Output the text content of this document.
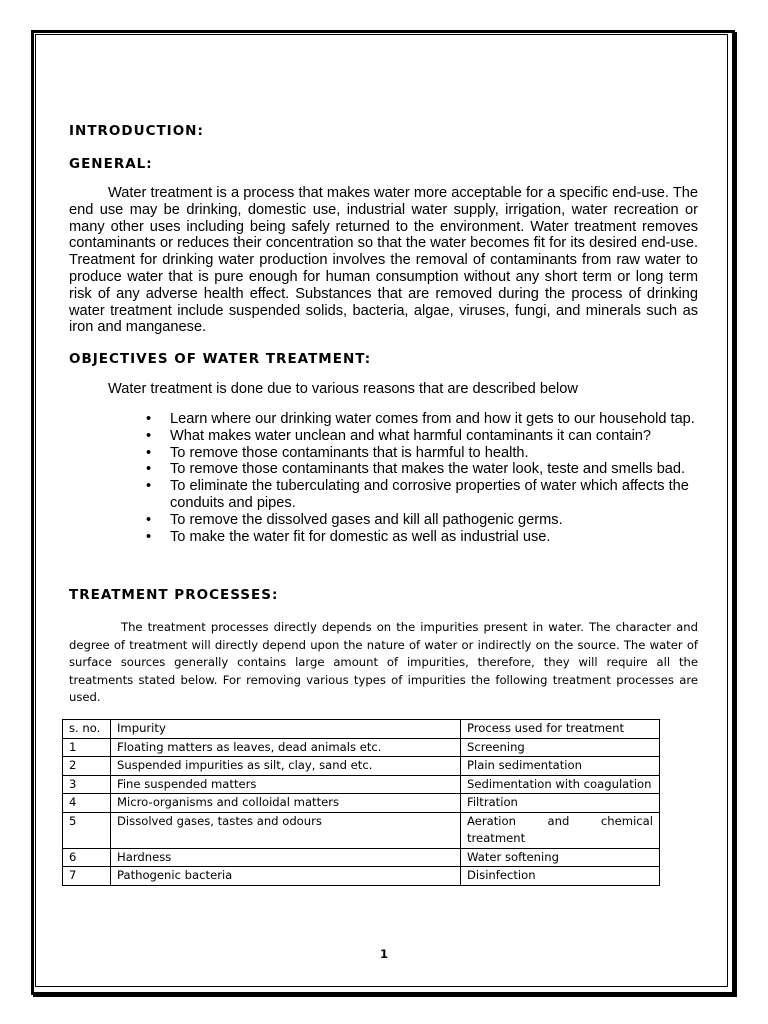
INTRODUCTION:
GENERAL:

Water treatment is a process that makes water more acceptable for a specific end-use. The end use may be drinking, domestic use, industrial water supply, irrigation, water recreation or many other uses including being safely returned to the environment. Water treatment removes contaminants or reduces their concentration so that the water becomes fit for its desired end-use. Treatment for drinking water production involves the removal of contaminants from raw water to produce water that is pure enough for human consumption without any short term or long term risk of any adverse health effect. Substances that are removed during the process of drinking water treatment include suspended solids, bacteria, algae, viruses, fungi, and minerals such as iron and manganese.

OBJECTIVES OF WATER TREATMENT:

Water treatment is done due to various reasons that are described below

• Learn where our drinking water comes from and how it gets to our household tap.
• What makes water unclean and what harmful contaminants it can contain?
• To remove those contaminants that is harmful to health.
• To remove those contaminants that makes the water look, teste and smells bad.
• To eliminate the tuberculating and corrosive properties of water which affects the conduits and pipes.
• To remove the dissolved gases and kill all pathogenic germs.
• To make the water fit for domestic as well as industrial use.
TREATMENT PROCESSES:

The treatment processes directly depends on the impurities present in water. The character and degree of treatment will directly depend upon the nature of water or indirectly on the source. The water of surface sources generally contains large amount of impurities, therefore, they will require all the treatments stated below. For removing various types of impurities the following treatment processes are used.

s. no.	Impurity	Process used for treatment
1	Floating matters as leaves, dead animals etc.	Screening
2	Suspended impurities as silt, clay, sand etc.	Plain sedimentation
3	Fine suspended matters	Sedimentation with coagulation
4	Micro-organisms and colloidal matters	Filtration
5	Dissolved gases, tastes and odours	Aeration and chemical treatment
6	Hardness	Water softening
7	Pathogenic bacteria	Disinfection
1
